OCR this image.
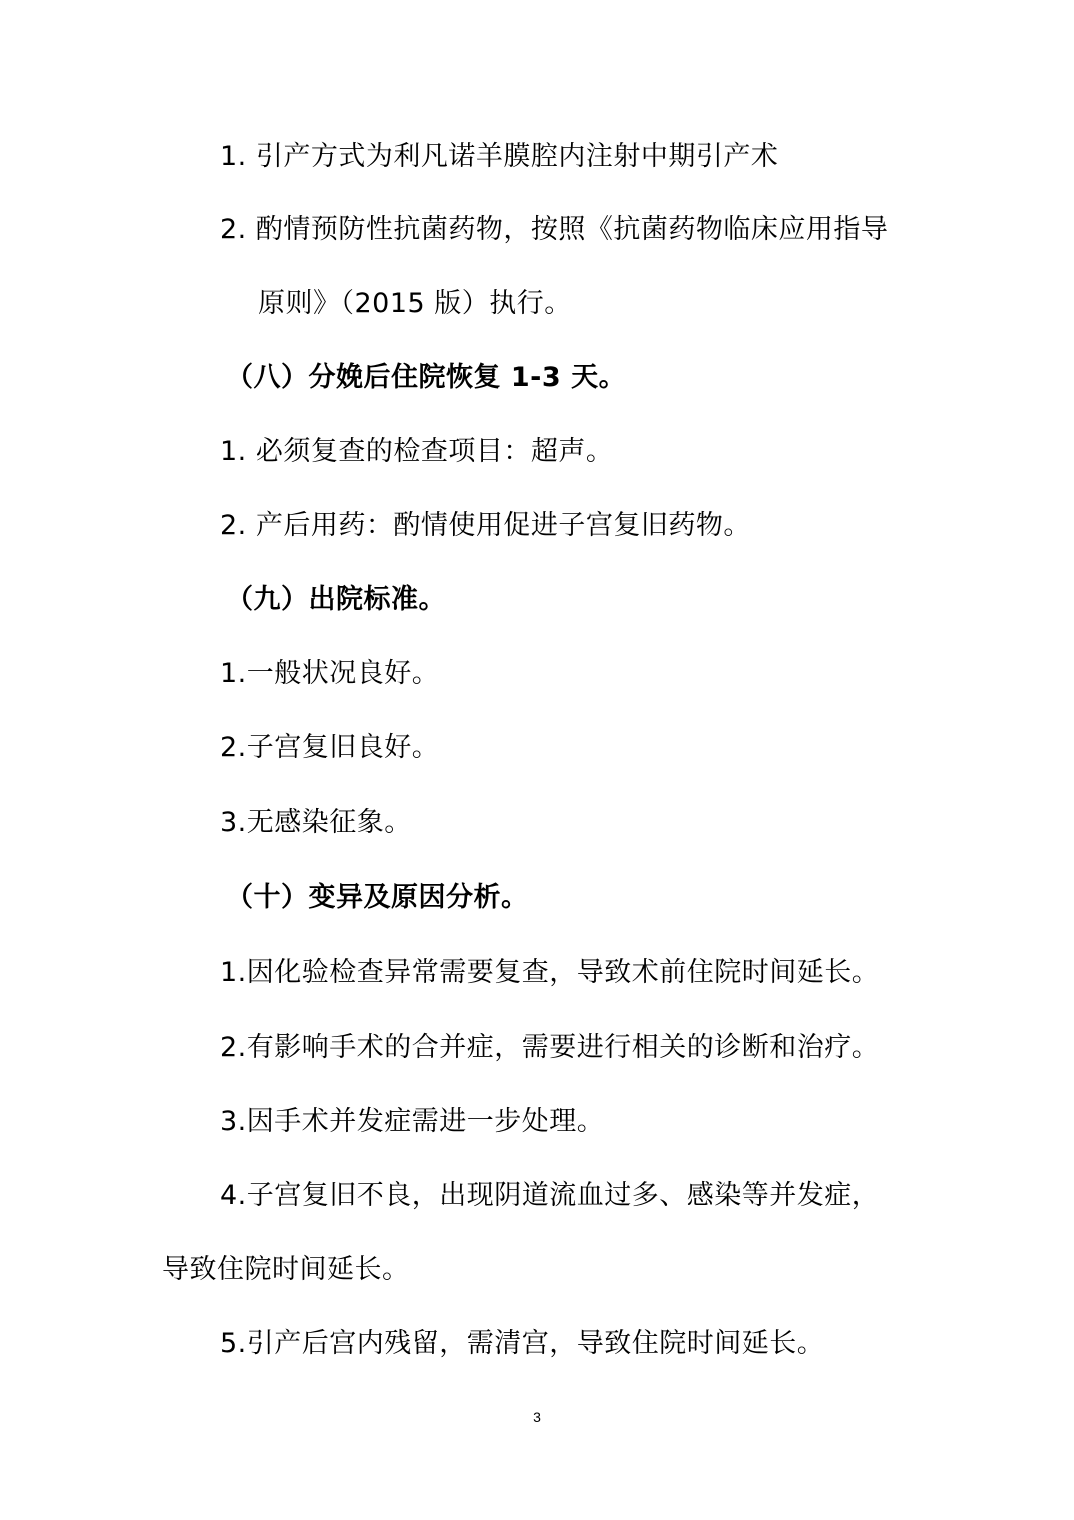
1. 引产方式为利凡诺羊膜腔内注射中期引产术
2. 酌情预防性抗菌药物，按照《抗菌药物临床应用指导
原则》（2015 版）执行。
（八）分娩后住院恢复 1-3 天。
1. 必须复查的检查项目：超声。
2. 产后用药：酌情使用促进子宫复旧药物。
（九）出院标准。
1.一般状况良好。
2.子宫复旧良好。
3.无感染征象。
（十）变异及原因分析。
1.因化验检查异常需要复查，导致术前住院时间延长。
2.有影响手术的合并症，需要进行相关的诊断和治疗。
3.因手术并发症需进一步处理。
4.子宫复旧不良，出现阴道流血过多、感染等并发症，
导致住院时间延长。
5.引产后宫内残留，需清宫，导致住院时间延长。
3
